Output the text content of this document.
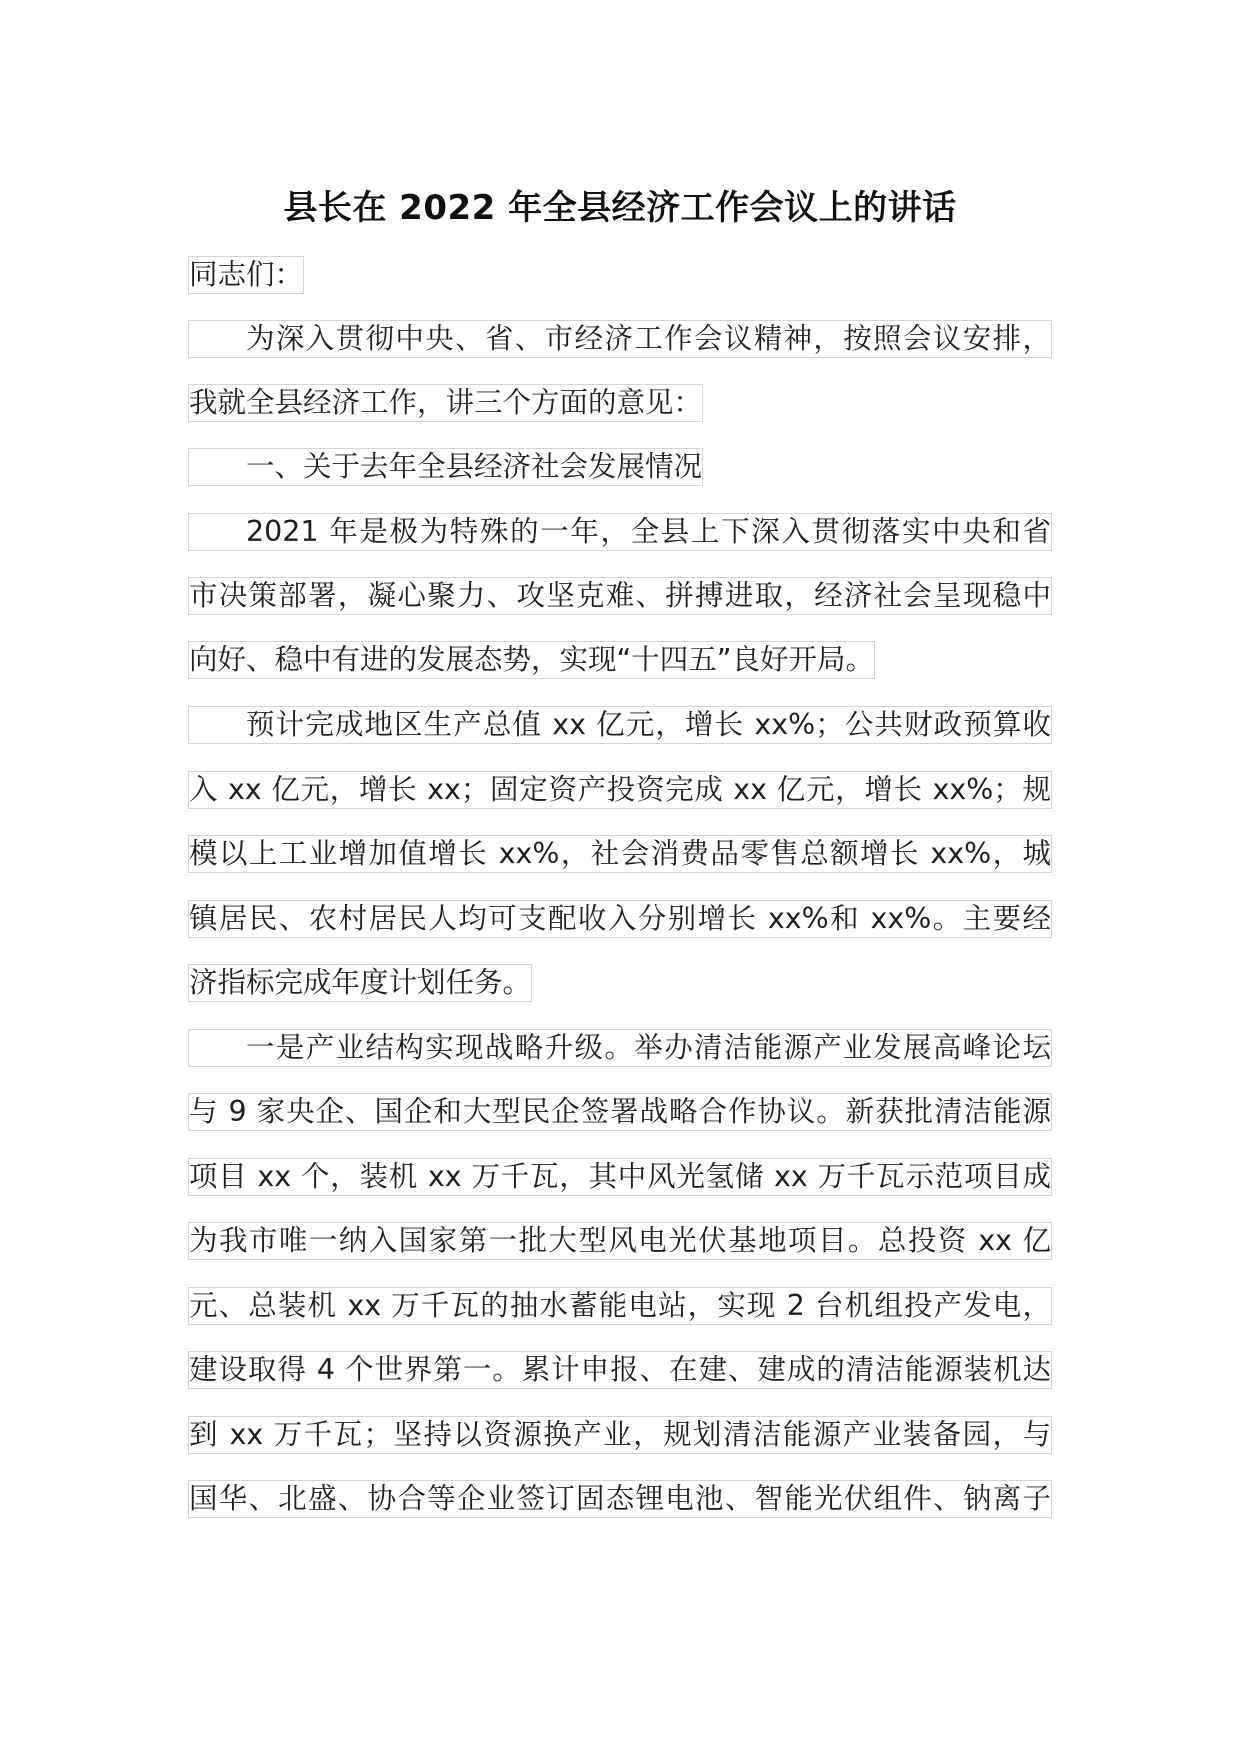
县长在 2022 年全县经济工作会议上的讲话
同志们：
为深入贯彻中央、省、市经济工作会议精神，按照会议安排，
我就全县经济工作，讲三个方面的意见：
一、关于去年全县经济社会发展情况
2021 年是极为特殊的一年，全县上下深入贯彻落实中央和省
市决策部署，凝心聚力、攻坚克难、拼搏进取，经济社会呈现稳中
向好、稳中有进的发展态势，实现“十四五”良好开局。
预计完成地区生产总值 xx 亿元，增长 xx%；公共财政预算收
入 xx 亿元，增长 xx；固定资产投资完成 xx 亿元，增长 xx%；规
模以上工业增加值增长 xx%，社会消费品零售总额增长 xx%，城
镇居民、农村居民人均可支配收入分别增长 xx%和 xx%。主要经
济指标完成年度计划任务。
一是产业结构实现战略升级。举办清洁能源产业发展高峰论坛
与 9 家央企、国企和大型民企签署战略合作协议。新获批清洁能源
项目 xx 个，装机 xx 万千瓦，其中风光氢储 xx 万千瓦示范项目成
为我市唯一纳入国家第一批大型风电光伏基地项目。总投资 xx 亿
元、总装机 xx 万千瓦的抽水蓄能电站，实现 2 台机组投产发电，
建设取得 4 个世界第一。累计申报、在建、建成的清洁能源装机达
到 xx 万千瓦；坚持以资源换产业，规划清洁能源产业装备园，与
国华、北盛、协合等企业签订固态锂电池、智能光伏组件、钠离子
